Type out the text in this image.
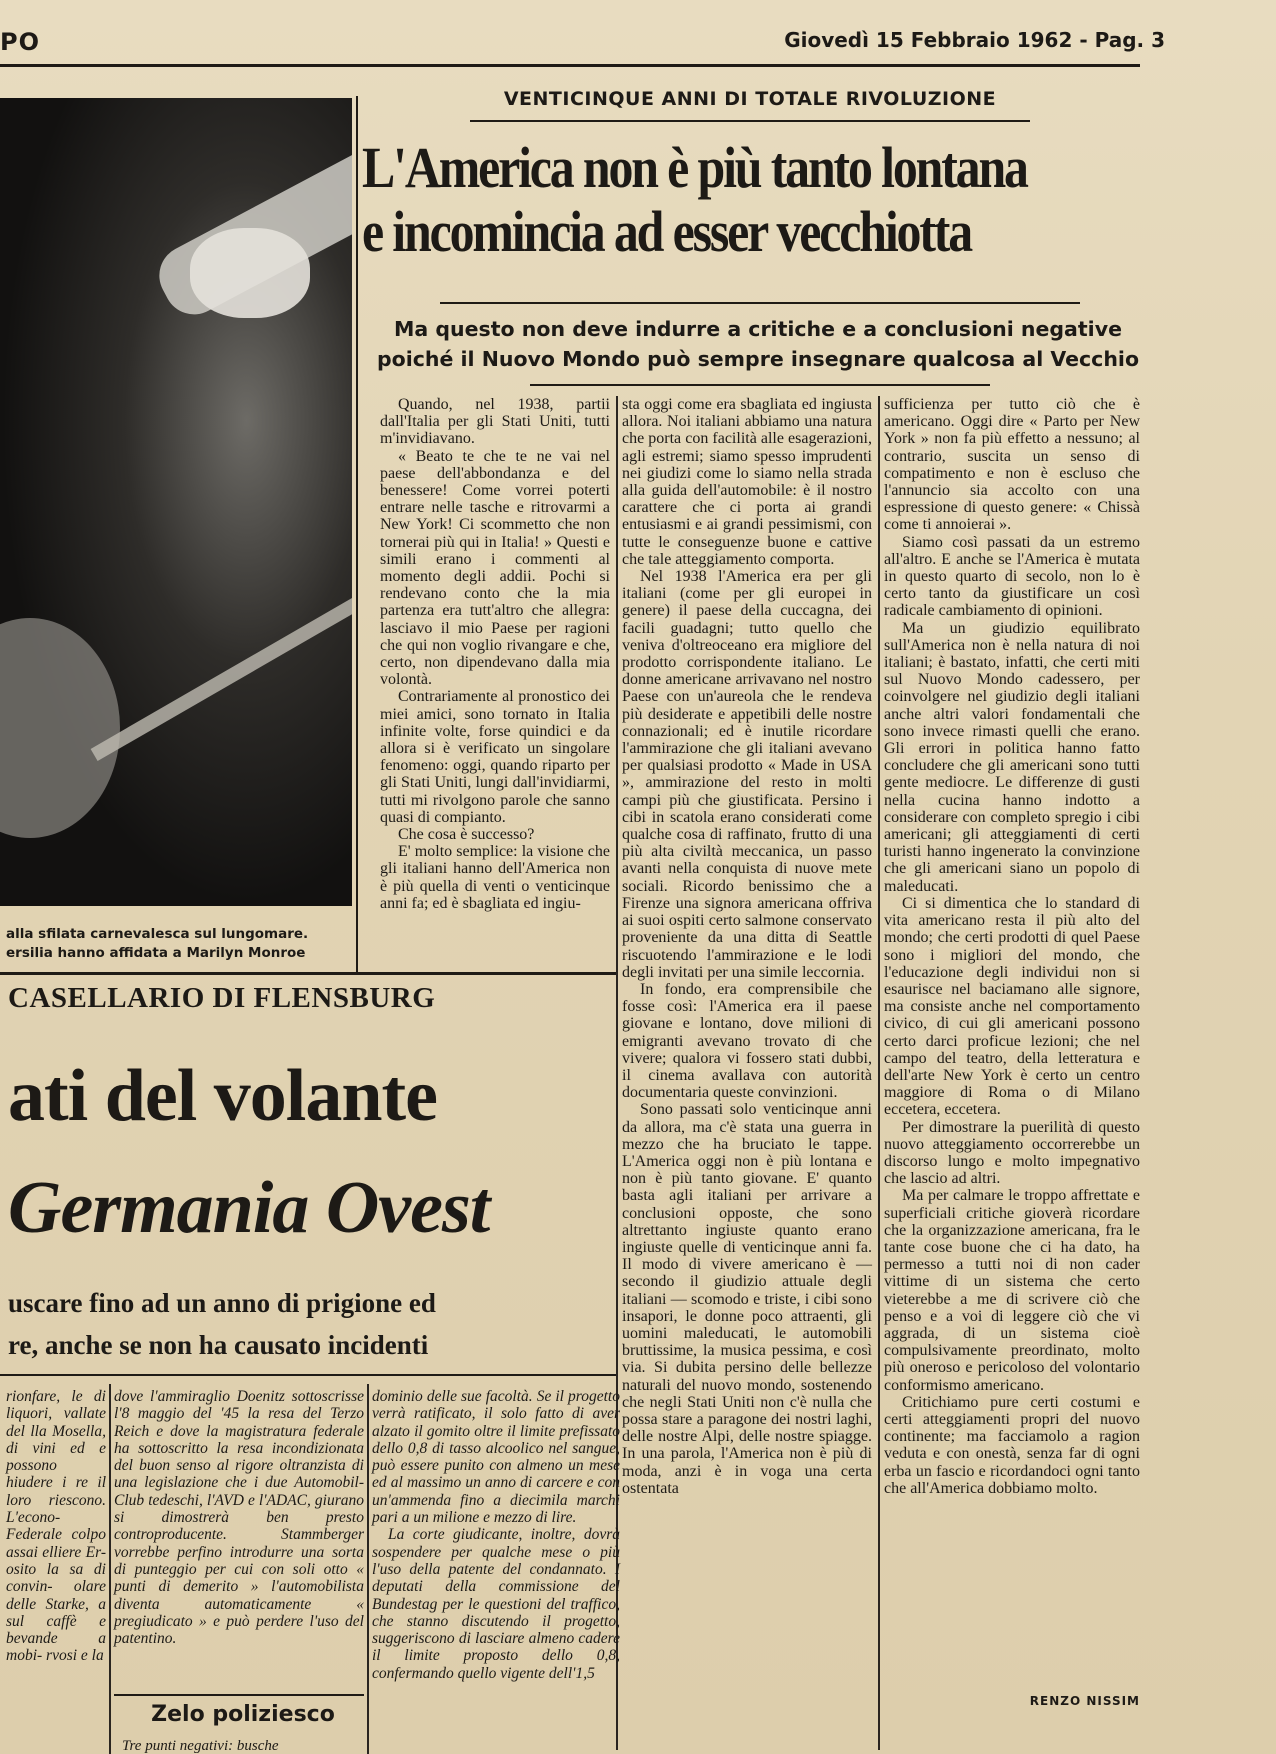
PO	Giovedì 15 Febbraio 1962 - Pag. 3
alla sfilata carnevalesca sul lungomare.
ersilia hanno affidata a Marilyn Monroe
VENTICINQUE ANNI DI TOTALE RIVOLUZIONE
L'America non è più tanto lontana
e incomincia ad esser vecchiotta
Ma questo non deve indurre a critiche e a conclusioni negative
poiché il Nuovo Mondo può sempre insegnare qualcosa al Vecchio

Quando, nel 1938, partii dall'Italia per gli Stati Uniti, tutti m'invidiavano.

« Beato te che te ne vai nel paese dell'abbondanza e del benessere! Come vorrei poterti entrare nelle tasche e ritrovarmi a New York! Ci scommetto che non tornerai più qui in Italia! » Questi e simili erano i commenti al momento degli addii. Pochi si rendevano conto che la mia partenza era tutt'altro che allegra: lasciavo il mio Paese per ragioni che qui non voglio rivangare e che, certo, non dipendevano dalla mia volontà.

Contrariamente al pronostico dei miei amici, sono tornato in Italia infinite volte, forse quindici e da allora si è verificato un singolare fenomeno: oggi, quando riparto per gli Stati Uniti, lungi dall'invidiarmi, tutti mi rivolgono parole che sanno quasi di compianto.

Che cosa è successo?

E' molto semplice: la visione che gli italiani hanno dell'America non è più quella di venti o venticinque anni fa; ed è sbagliata ed ingiu-

sta oggi come era sbagliata ed ingiusta allora. Noi italiani abbiamo una natura che porta con facilità alle esagerazioni, agli estremi; siamo spesso imprudenti nei giudizi come lo siamo nella strada alla guida dell'automobile: è il nostro carattere che ci porta ai grandi entusiasmi e ai grandi pessimismi, con tutte le conseguenze buone e cattive che tale atteggiamento comporta.

Nel 1938 l'America era per gli italiani (come per gli europei in genere) il paese della cuccagna, dei facili guadagni; tutto quello che veniva d'oltreoceano era migliore del prodotto corrispondente italiano. Le donne americane arrivavano nel nostro Paese con un'aureola che le rendeva più desiderate e appetibili delle nostre connazionali; ed è inutile ricordare l'ammirazione che gli italiani avevano per qualsiasi prodotto « Made in USA », ammirazione del resto in molti campi più che giustificata. Persino i cibi in scatola erano considerati come qualche cosa di raffinato, frutto di una più alta civiltà meccanica, un passo avanti nella conquista di nuove mete sociali. Ricordo benissimo che a Firenze una signora americana offriva ai suoi ospiti certo salmone conservato proveniente da una ditta di Seattle riscuotendo l'ammirazione e le lodi degli invitati per una simile leccornia.

In fondo, era comprensibile che fosse così: l'America era il paese giovane e lontano, dove milioni di emigranti avevano trovato di che vivere; qualora vi fossero stati dubbi, il cinema avallava con autorità documentaria queste convinzioni.

Sono passati solo venticinque anni da allora, ma c'è stata una guerra in mezzo che ha bruciato le tappe. L'America oggi non è più lontana e non è più tanto giovane. E' quanto basta agli italiani per arrivare a conclusioni opposte, che sono altrettanto ingiuste quanto erano ingiuste quelle di venticinque anni fa. Il modo di vivere americano è — secondo il giudizio attuale degli italiani — scomodo e triste, i cibi sono insapori, le donne poco attraenti, gli uomini maleducati, le automobili bruttissime, la musica pessima, e così via. Si dubita persino delle bellezze naturali del nuovo mondo, sostenendo che negli Stati Uniti non c'è nulla che possa stare a paragone dei nostri laghi, delle nostre Alpi, delle nostre spiagge. In una parola, l'America non è più di moda, anzi è in voga una certa ostentata

sufficienza per tutto ciò che è americano. Oggi dire « Parto per New York » non fa più effetto a nessuno; al contrario, suscita un senso di compatimento e non è escluso che l'annuncio sia accolto con una espressione di questo genere: « Chissà come ti annoierai ».

Siamo così passati da un estremo all'altro. E anche se l'America è mutata in questo quarto di secolo, non lo è certo tanto da giustificare un così radicale cambiamento di opinioni.

Ma un giudizio equilibrato sull'America non è nella natura di noi italiani; è bastato, infatti, che certi miti sul Nuovo Mondo cadessero, per coinvolgere nel giudizio degli italiani anche altri valori fondamentali che sono invece rimasti quelli che erano. Gli errori in politica hanno fatto concludere che gli americani sono tutti gente mediocre. Le differenze di gusti nella cucina hanno indotto a considerare con completo spregio i cibi americani; gli atteggiamenti di certi turisti hanno ingenerato la convinzione che gli americani siano un popolo di maleducati.

Ci si dimentica che lo standard di vita americano resta il più alto del mondo; che certi prodotti di quel Paese sono i migliori del mondo, che l'educazione degli individui non si esaurisce nel baciamano alle signore, ma consiste anche nel comportamento civico, di cui gli americani possono certo darci proficue lezioni; che nel campo del teatro, della letteratura e dell'arte New York è certo un centro maggiore di Roma o di Milano eccetera, eccetera.

Per dimostrare la puerilità di questo nuovo atteggiamento occorrerebbe un discorso lungo e molto impegnativo che lascio ad altri.

Ma per calmare le troppo affrettate e superficiali critiche gioverà ricordare che la organizzazione americana, fra le tante cose buone che ci ha dato, ha permesso a tutti noi di non cader vittime di un sistema che certo vieterebbe a me di scrivere ciò che penso e a voi di leggere ciò che vi aggrada, di un sistema cioè compulsivamente preordinato, molto più oneroso e pericoloso del volontario conformismo americano.

Critichiamo pure certi costumi e certi atteggiamenti propri del nuovo continente; ma facciamolo a ragion veduta e con onestà, senza far di ogni erba un fascio e ricordandoci ogni tanto che all'America dobbiamo molto.

RENZO NISSIM
CASELLARIO DI FLENSBURG
ati del volante
Germania Ovest
uscare fino ad un anno di prigione ed
re, anche se non ha causato incidenti

rionfare, le di liquori, vallate del lla Mosella, di vini ed e possono hiudere i re il loro riescono. L'econo- Federale colpo assai elliere Er- osito la sa di convin- olare delle Starke, a sul caffè e bevande a mobi- rvosi e la

dove l'ammiraglio Doenitz sottoscrisse l'8 maggio del '45 la resa del Terzo Reich e dove la magistratura federale ha sottoscritto la resa incondizionata del buon senso al rigore oltranzista di una legislazione che i due Automobil-Club tedeschi, l'AVD e l'ADAC, giurano si dimostrerà ben presto controproducente. Stammberger vorrebbe perfino introdurre una sorta di punteggio per cui con soli otto « punti di demerito » l'automobilista diventa automaticamente « pregiudicato » e può perdere l'uso del patentino.

Zelo poliziesco
Tre punti negativi: busche

dominio delle sue facoltà. Se il progetto verrà ratificato, il solo fatto di aver alzato il gomito oltre il limite prefissato dello 0,8 di tasso alcoolico nel sangue, può essere punito con almeno un mese ed al massimo un anno di carcere e con un'ammenda fino a diecimila marchi pari a un milione e mezzo di lire.

La corte giudicante, inoltre, dovrà sospendere per qualche mese o più l'uso della patente del condannato. I deputati della commissione del Bundestag per le questioni del traffico, che stanno discutendo il progetto, suggeriscono di lasciare almeno cadere il limite proposto dello 0,8, confermando quello vigente dell'1,5
